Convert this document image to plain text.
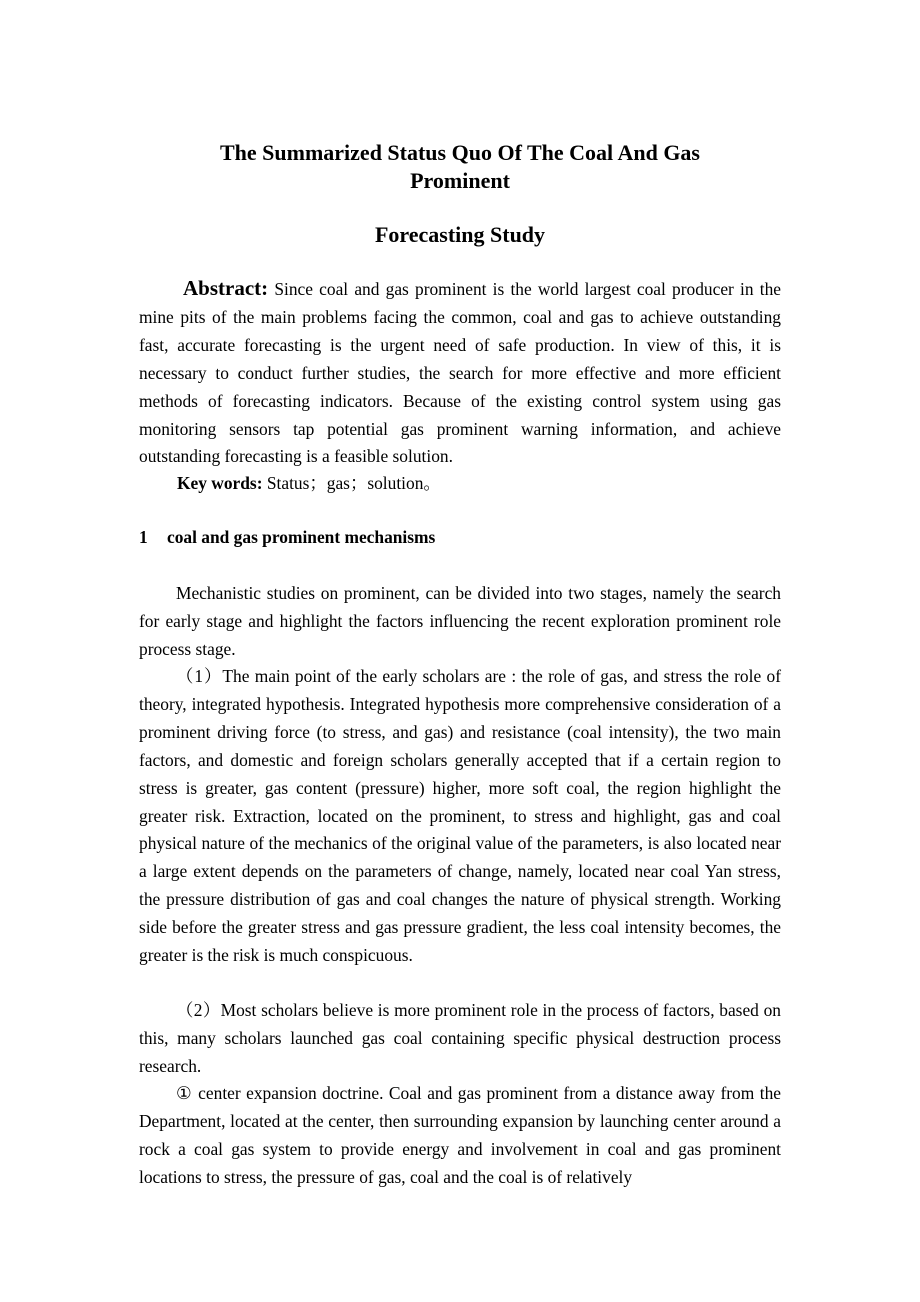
The Summarized Status Quo Of The Coal And Gas
Prominent
Forecasting Study

Abstract: Since coal and gas prominent is the world largest coal producer in the mine pits of the main problems facing the common, coal and gas to achieve outstanding fast, accurate forecasting is the urgent need of safe production. In view of this, it is necessary to conduct further studies, the search for more effective and more efficient methods of forecasting indicators. Because of the existing control system using gas monitoring sensors tap potential gas prominent warning information, and achieve outstanding forecasting is a feasible solution.

Key words: Status；gas；solution。

1 coal and gas prominent mechanisms

Mechanistic studies on prominent, can be divided into two stages, namely the search for early stage and highlight the factors influencing the recent exploration prominent role process stage.

（1）The main point of the early scholars are : the role of gas, and stress the role of theory, integrated hypothesis. Integrated hypothesis more comprehensive consideration of a prominent driving force (to stress, and gas) and resistance (coal intensity), the two main factors, and domestic and foreign scholars generally accepted that if a certain region to stress is greater, gas content (pressure) higher, more soft coal, the region highlight the greater risk. Extraction, located on the prominent, to stress and highlight, gas and coal physical nature of the mechanics of the original value of the parameters, is also located near a large extent depends on the parameters of change, namely, located near coal Yan stress, the pressure distribution of gas and coal changes the nature of physical strength. Working side before the greater stress and gas pressure gradient, the less coal intensity becomes, the greater is the risk is much conspicuous.

（2）Most scholars believe is more prominent role in the process of factors, based on this, many scholars launched gas coal containing specific physical destruction process research.

① center expansion doctrine. Coal and gas prominent from a distance away from the Department, located at the center, then surrounding expansion by launching center around a rock a coal gas system to provide energy and involvement in coal and gas prominent locations to stress, the pressure of gas, coal and the coal is of relatively
